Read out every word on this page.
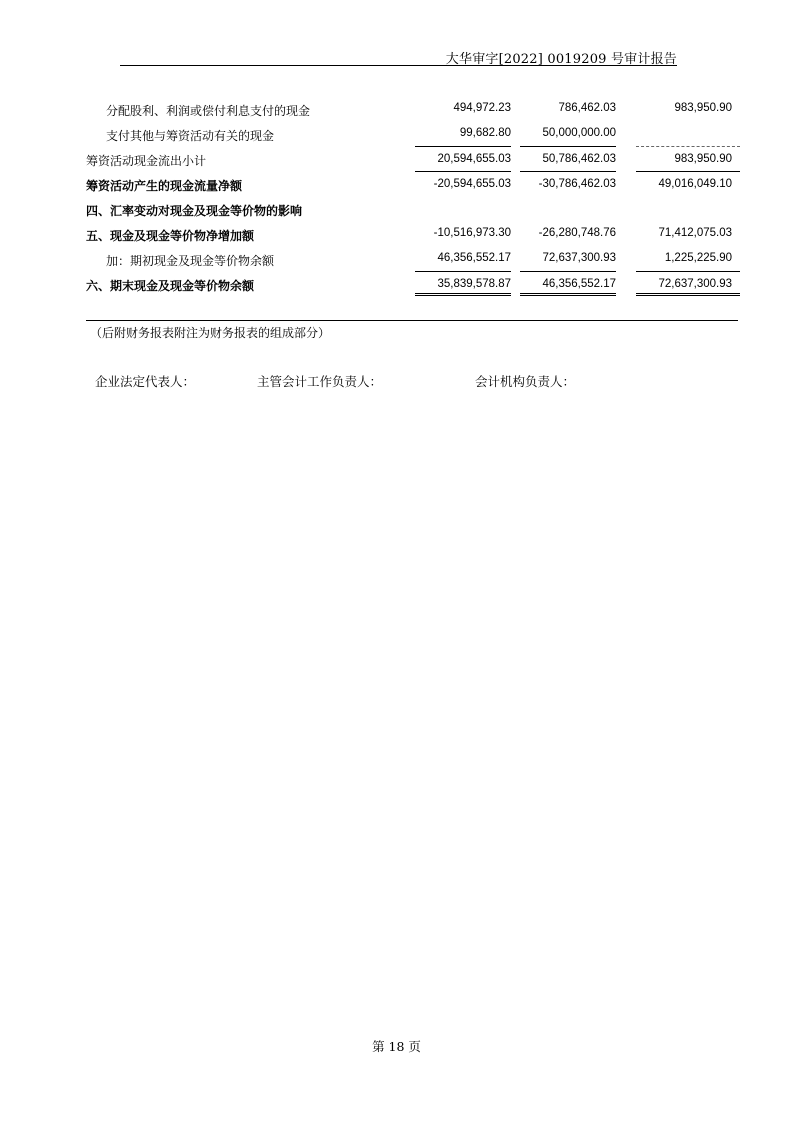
大华审字[2022] 0019209 号审计报告
分配股利、利润或偿付利息支付的现金	494,972.23	786,462.03	983,950.90
支付其他与筹资活动有关的现金	99,682.80	50,000,000.00
筹资活动现金流出小计	20,594,655.03	50,786,462.03	983,950.90
筹资活动产生的现金流量净额	-20,594,655.03	-30,786,462.03	49,016,049.10
四、汇率变动对现金及现金等价物的影响
五、现金及现金等价物净增加额	-10,516,973.30	-26,280,748.76	71,412,075.03
加：期初现金及现金等价物余额	46,356,552.17	72,637,300.93	1,225,225.90
六、期末现金及现金等价物余额	35,839,578.87	46,356,552.17	72,637,300.93
（后附财务报表附注为财务报表的组成部分）
企业法定代表人：	主管会计工作负责人：	会计机构负责人：
第 18 页
